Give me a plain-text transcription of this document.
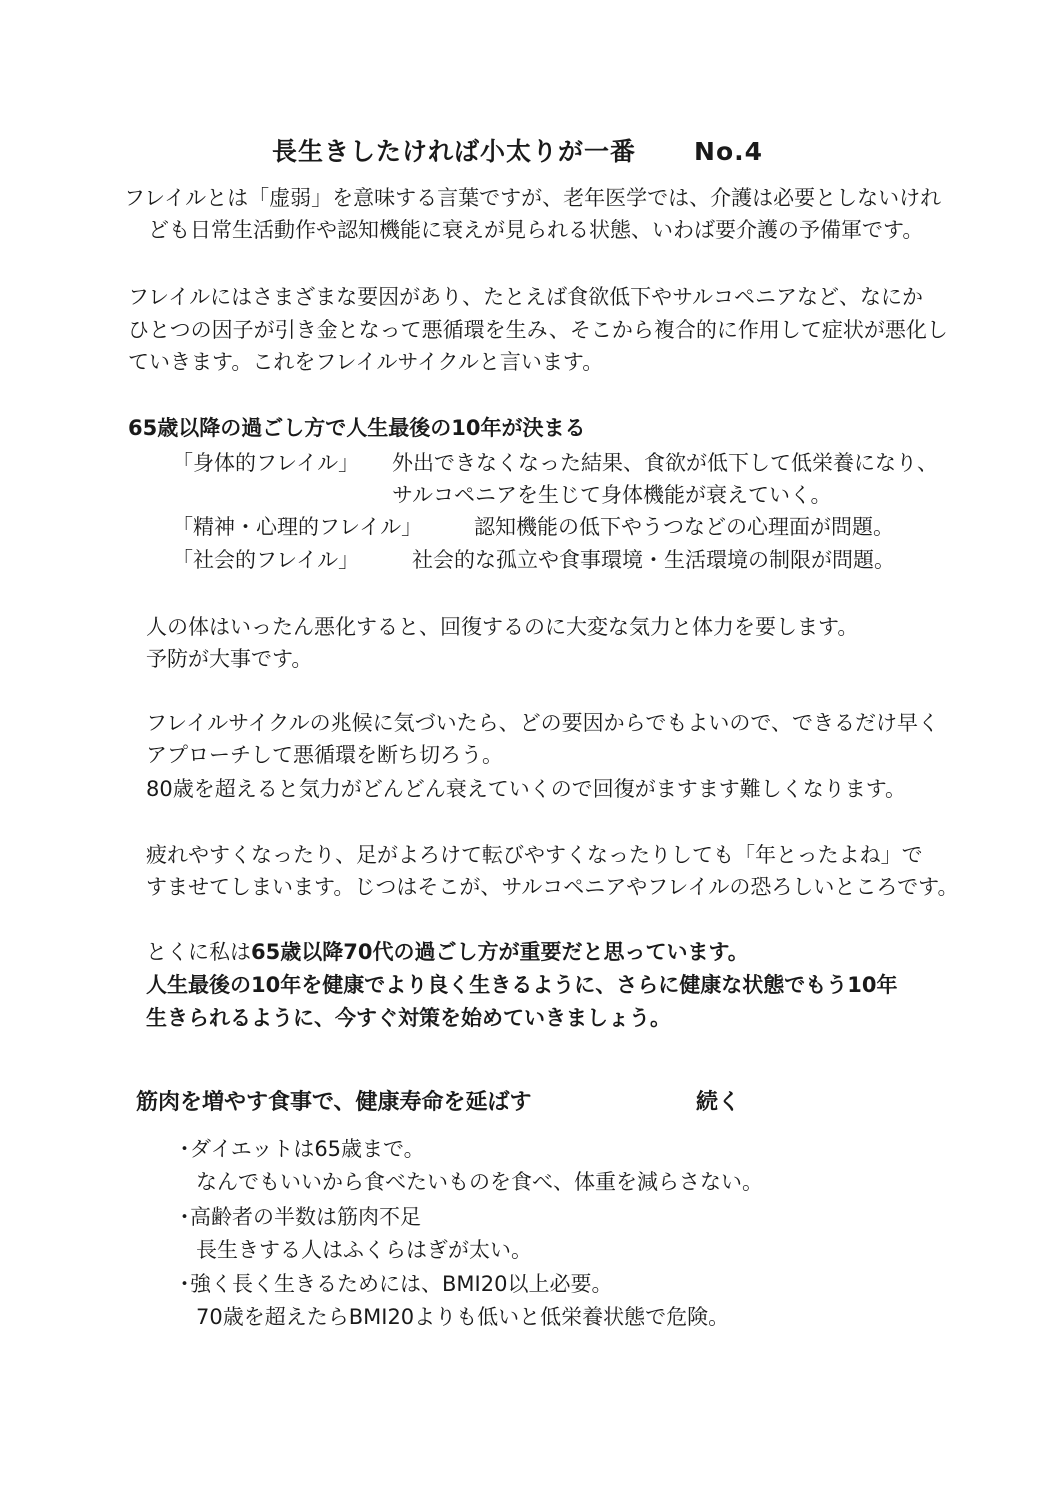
長生きしたければ小太りが一番 No.4
フレイルとは「虚弱」を意味する言葉ですが、老年医学では、介護は必要としないけれ
ども日常生活動作や認知機能に衰えが見られる状態、いわば要介護の予備軍です。
フレイルにはさまざまな要因があり、たとえば食欲低下やサルコペニアなど、なにか
ひとつの因子が引き金となって悪循環を生み、そこから複合的に作用して症状が悪化し
ていきます。これをフレイルサイクルと言います。
65歳以降の過ごし方で人生最後の10年が決まる
「身体的フレイル」 外出できなくなった結果、食欲が低下して低栄養になり、
サルコペニアを生じて身体機能が衰えていく。
「精神・心理的フレイル」 認知機能の低下やうつなどの心理面が問題。
「社会的フレイル」	社会的な孤立や食事環境・生活環境の制限が問題。
人の体はいったん悪化すると、回復するのに大変な気力と体力を要します。
予防が大事です。
フレイルサイクルの兆候に気づいたら、どの要因からでもよいので、できるだけ早く
アプローチして悪循環を断ち切ろう。
80歳を超えると気力がどんどん衰えていくので回復がますます難しくなります。
疲れやすくなったり、足がよろけて転びやすくなったりしても「年とったよね」で
すませてしまいます。じつはそこが、サルコペニアやフレイルの恐ろしいところです。
とくに私は65歳以降70代の過ごし方が重要だと思っています。
人生最後の10年を健康でより良く生きるように、さらに健康な状態でもう10年
生きられるように、今すぐ対策を始めていきましょう。
筋肉を増やす食事で、健康寿命を延ばす	続く
・ダイエットは65歳まで。
なんでもいいから食べたいものを食べ、体重を減らさない。
・高齢者の半数は筋肉不足
長生きする人はふくらはぎが太い。
・強く長く生きるためには、BMI20以上必要。
70歳を超えたらBMI20よりも低いと低栄養状態で危険。
